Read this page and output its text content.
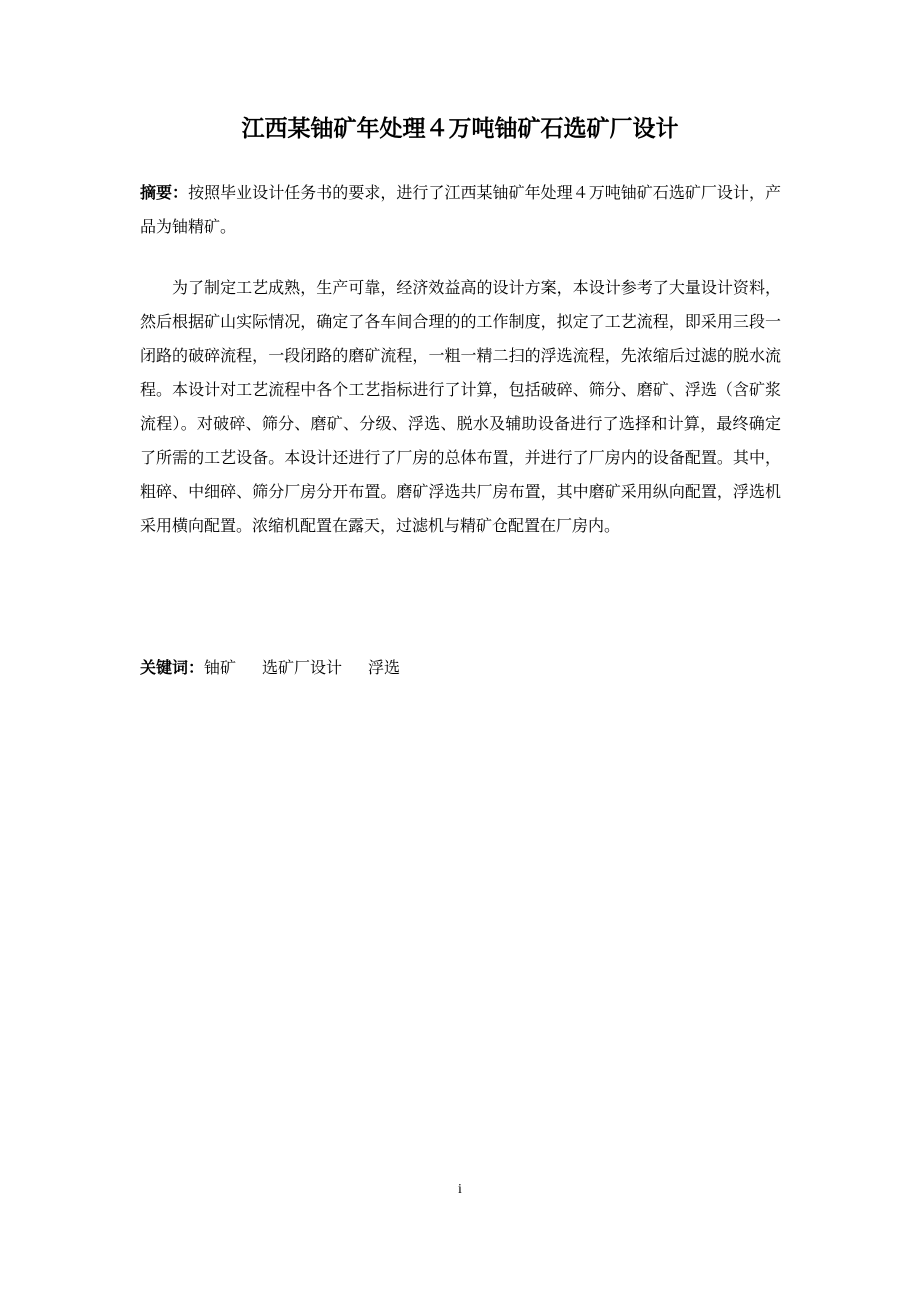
江西某铀矿年处理４万吨铀矿石选矿厂设计

摘要：按照毕业设计任务书的要求，进行了江西某铀矿年处理４万吨铀矿石选矿厂设计，产品为铀精矿。

为了制定工艺成熟，生产可靠，经济效益高的设计方案，本设计参考了大量设计资料，然后根据矿山实际情况，确定了各车间合理的的工作制度，拟定了工艺流程，即采用三段一闭路的破碎流程，一段闭路的磨矿流程，一粗一精二扫的浮选流程，先浓缩后过滤的脱水流程。本设计对工艺流程中各个工艺指标进行了计算，包括破碎、筛分、磨矿、浮选（含矿浆流程）。对破碎、筛分、磨矿、分级、浮选、脱水及辅助设备进行了选择和计算，最终确定了所需的工艺设备。本设计还进行了厂房的总体布置，并进行了厂房内的设备配置。其中，粗碎、中细碎、筛分厂房分开布置。磨矿浮选共厂房布置，其中磨矿采用纵向配置，浮选机采用横向配置。浓缩机配置在露天，过滤机与精矿仓配置在厂房内。

关键词：铀矿 选矿厂设计 浮选

i
